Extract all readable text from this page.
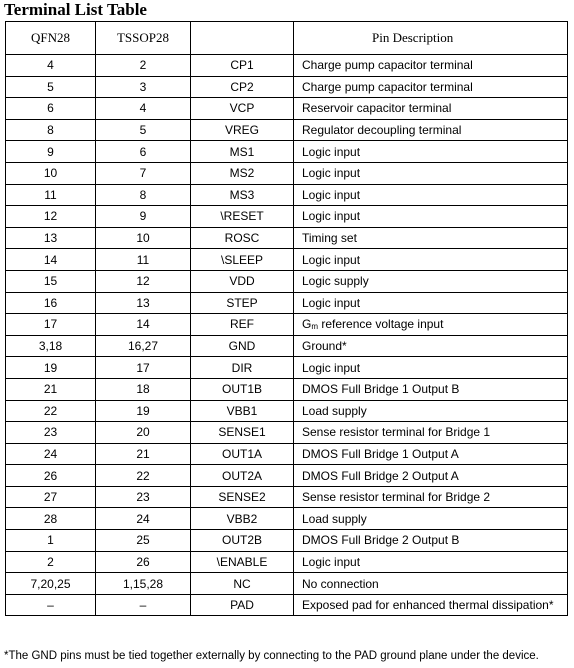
Terminal List Table
QFN28	TSSOP28		Pin Description
4	2	CP1	Charge pump capacitor terminal
5	3	CP2	Charge pump capacitor terminal
6	4	VCP	Reservoir capacitor terminal
8	5	VREG	Regulator decoupling terminal
9	6	MS1	Logic input
10	7	MS2	Logic input
11	8	MS3	Logic input
12	9	\RESET	Logic input
13	10	ROSC	Timing set
14	11	\SLEEP	Logic input
15	12	VDD	Logic supply
16	13	STEP	Logic input
17	14	REF	$G_m$ reference voltage input
3,18	16,27	GND	Ground*
19	17	DIR	Logic input
21	18	OUT1B	DMOS Full Bridge 1 Output B
22	19	VBB1	Load supply
23	20	SENSE1	Sense resistor terminal for Bridge 1
24	21	OUT1A	DMOS Full Bridge 1 Output A
26	22	OUT2A	DMOS Full Bridge 2 Output A
27	23	SENSE2	Sense resistor terminal for Bridge 2
28	24	VBB2	Load supply
1	25	OUT2B	DMOS Full Bridge 2 Output B
2	26	\ENABLE	Logic input
7,20,25	1,15,28	NC	No connection
–	–	PAD	Exposed pad for enhanced thermal dissipation*
*The GND pins must be tied together externally by connecting to the PAD ground plane under the device.
